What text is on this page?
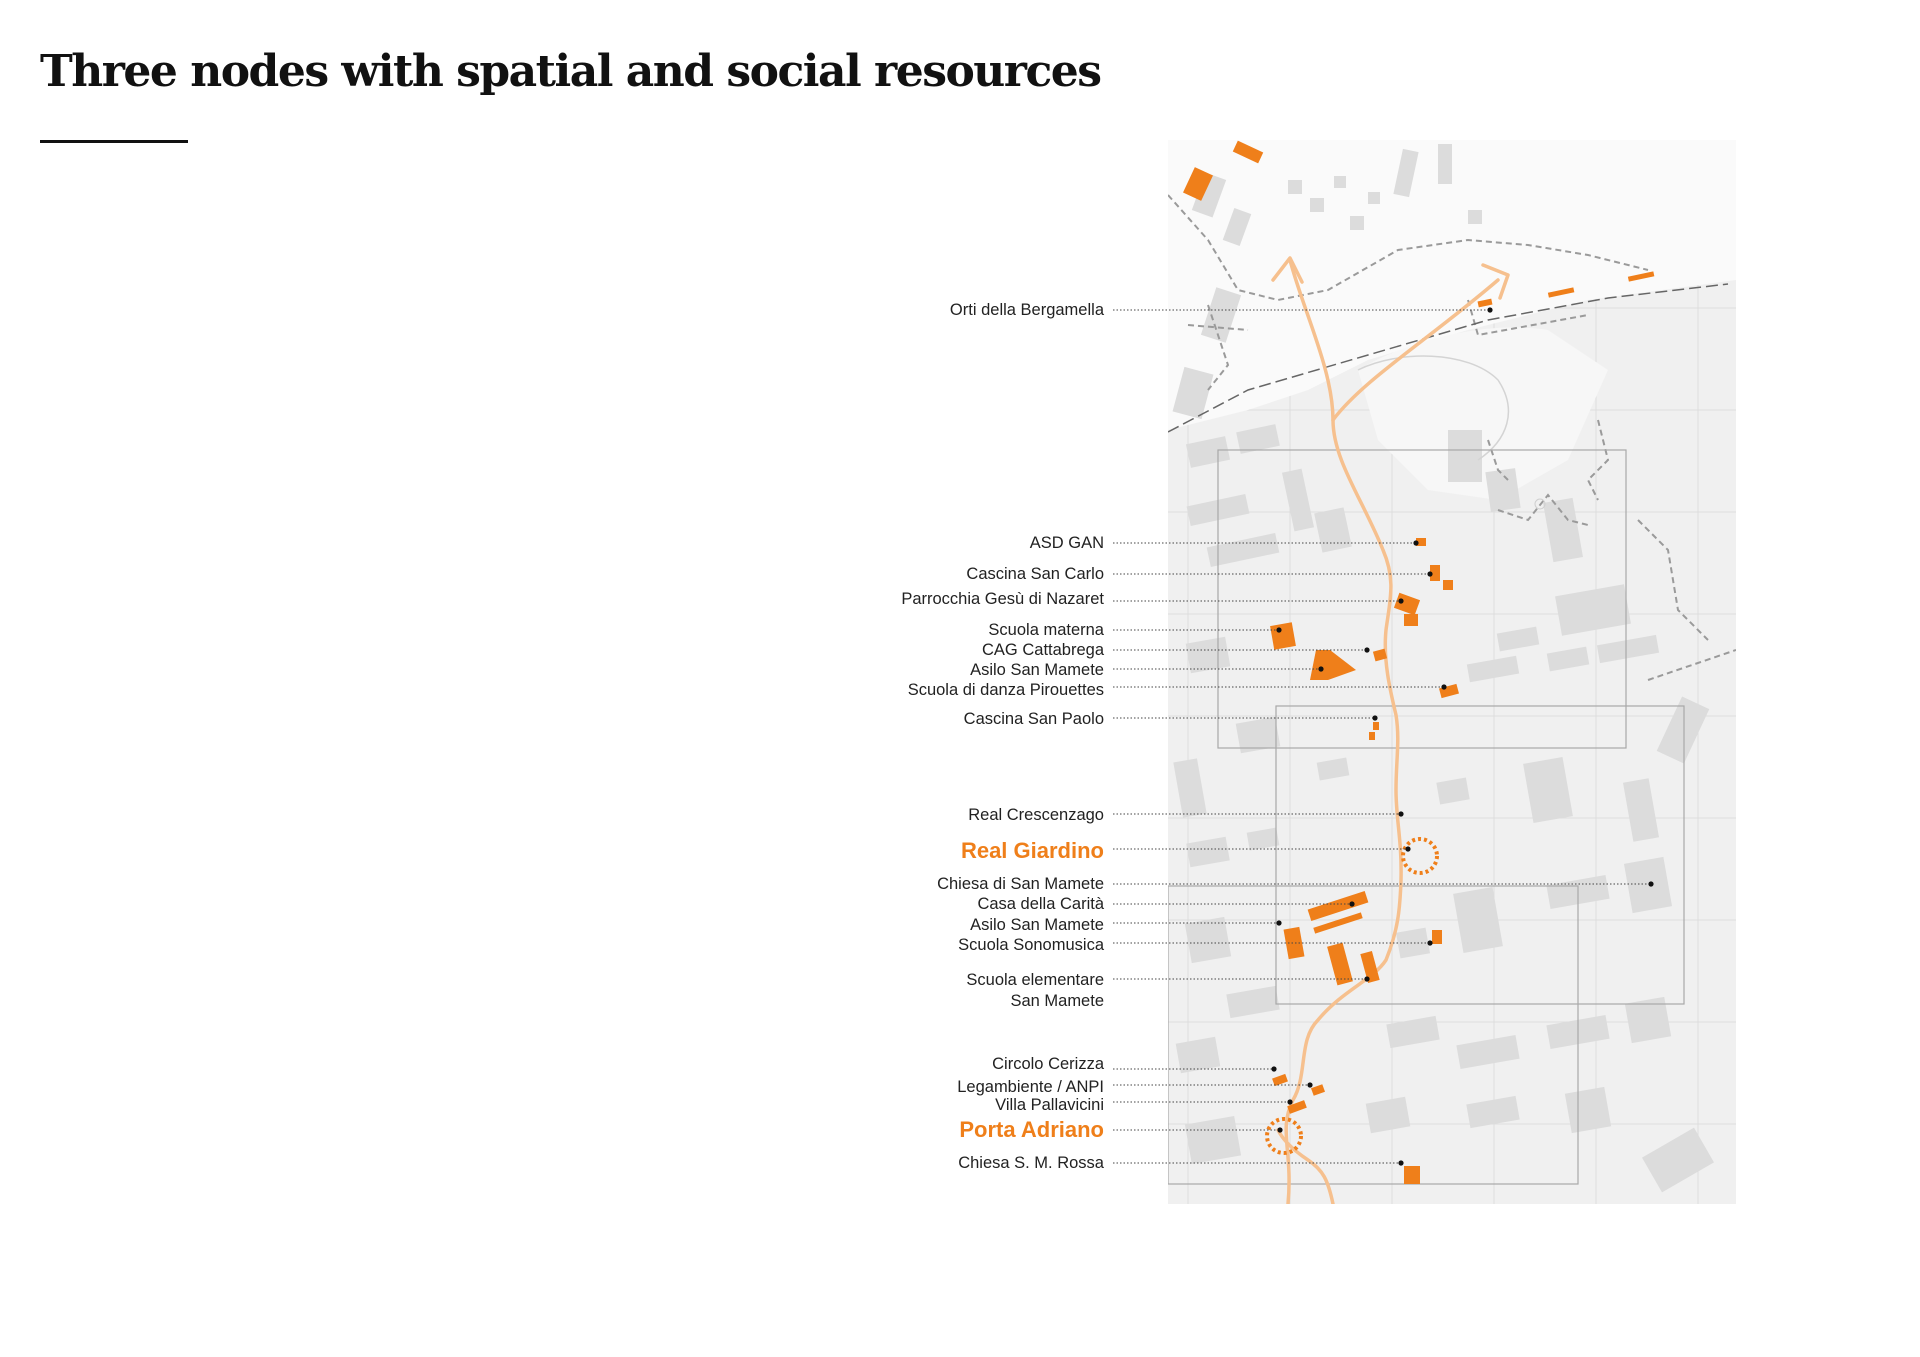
Three nodes with spatial and social resources
Orti della Bergamella
ASD GAN
Cascina San Carlo
Parrocchia Gesù di Nazaret
Scuola materna
CAG Cattabrega
Asilo San Mamete
Scuola di danza Pirouettes
Cascina San Paolo
Real Crescenzago
Real Giardino
Chiesa di San Mamete
Casa della Carità
Asilo San Mamete
Scuola Sonomusica
Scuola elementare
San Mamete
Circolo Cerizza
Legambiente / ANPI
Villa Pallavicini
Porta Adriano
Chiesa S. M. Rossa
